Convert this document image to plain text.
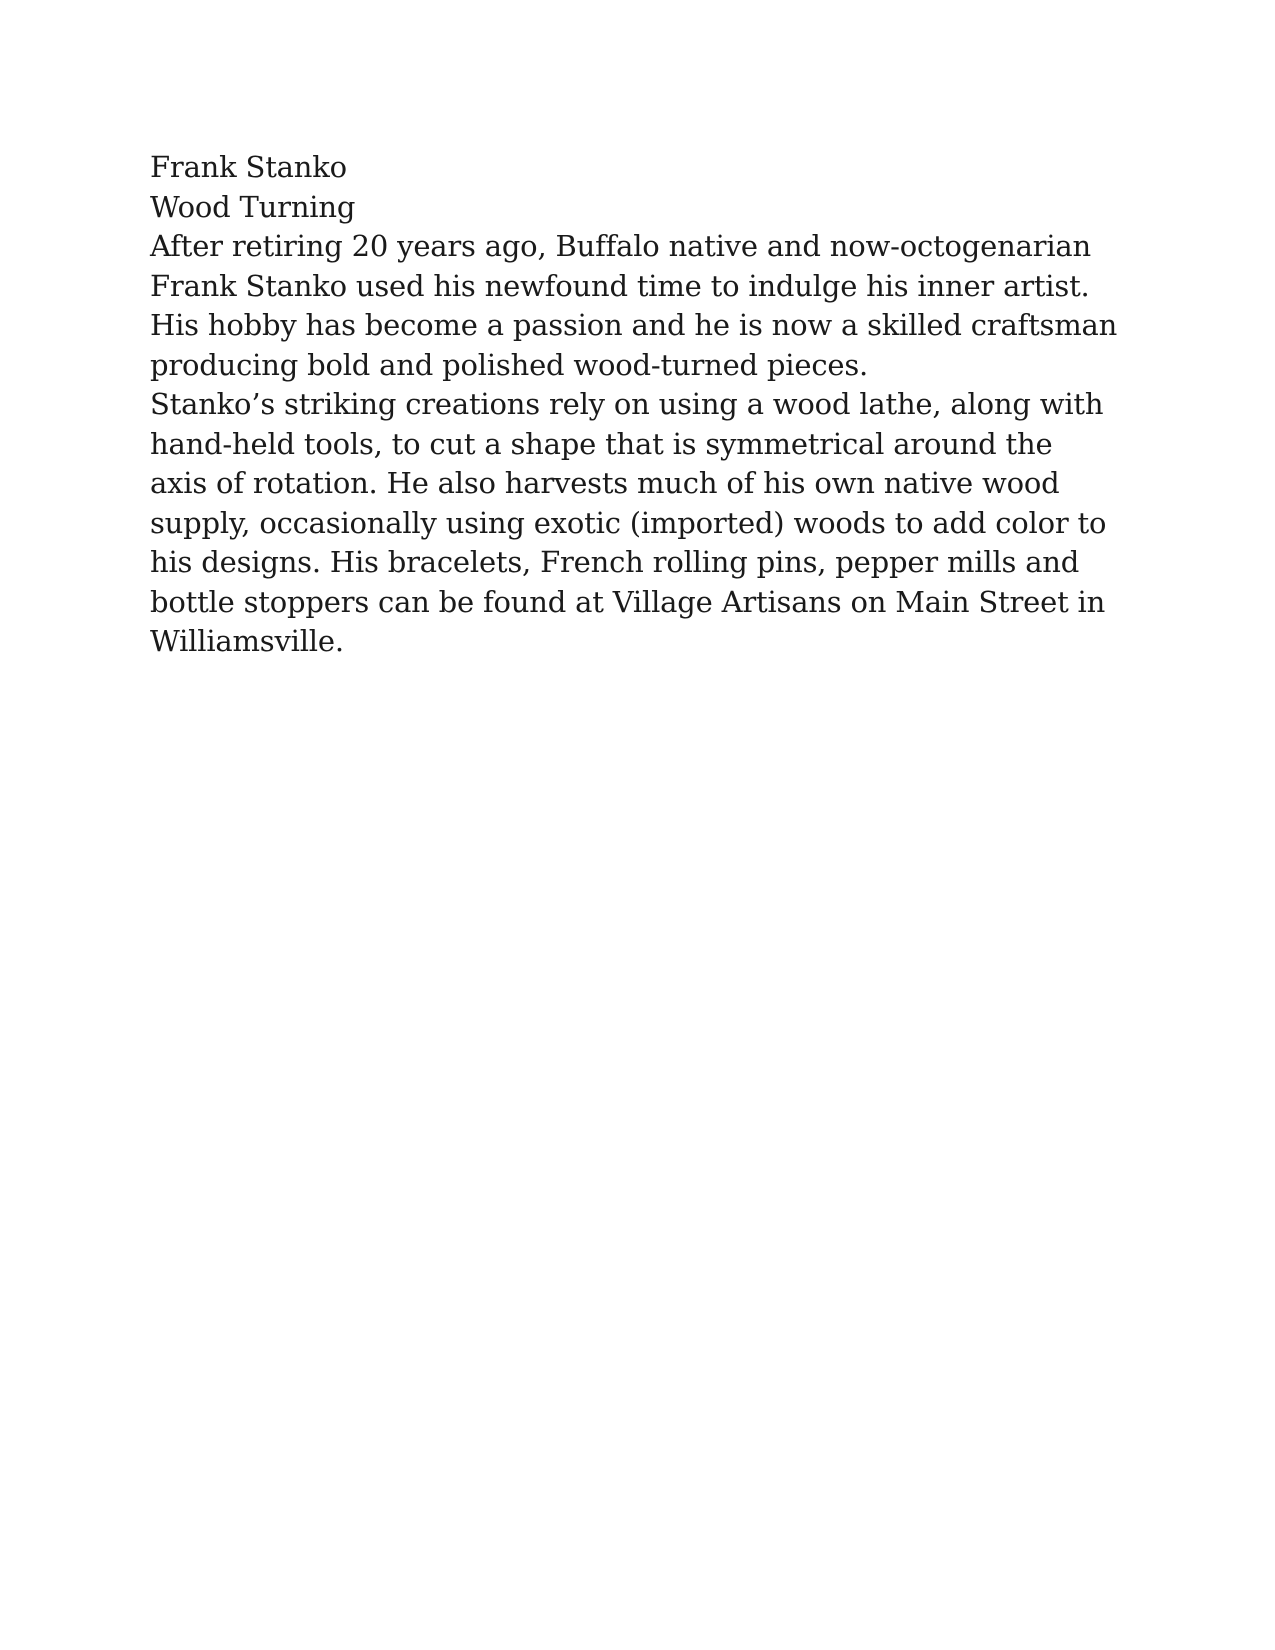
Frank Stanko

Wood Turning

After retiring 20 years ago, Buffalo native and now-octogenarian

Frank Stanko used his newfound time to indulge his inner artist.

His hobby has become a passion and he is now a skilled craftsman

producing bold and polished wood-turned pieces.

Stanko’s striking creations rely on using a wood lathe, along with

hand-held tools, to cut a shape that is symmetrical around the

axis of rotation. He also harvests much of his own native wood

supply, occasionally using exotic (imported) woods to add color to

his designs. His bracelets, French rolling pins, pepper mills and

bottle stoppers can be found at Village Artisans on Main Street in

Williamsville.
